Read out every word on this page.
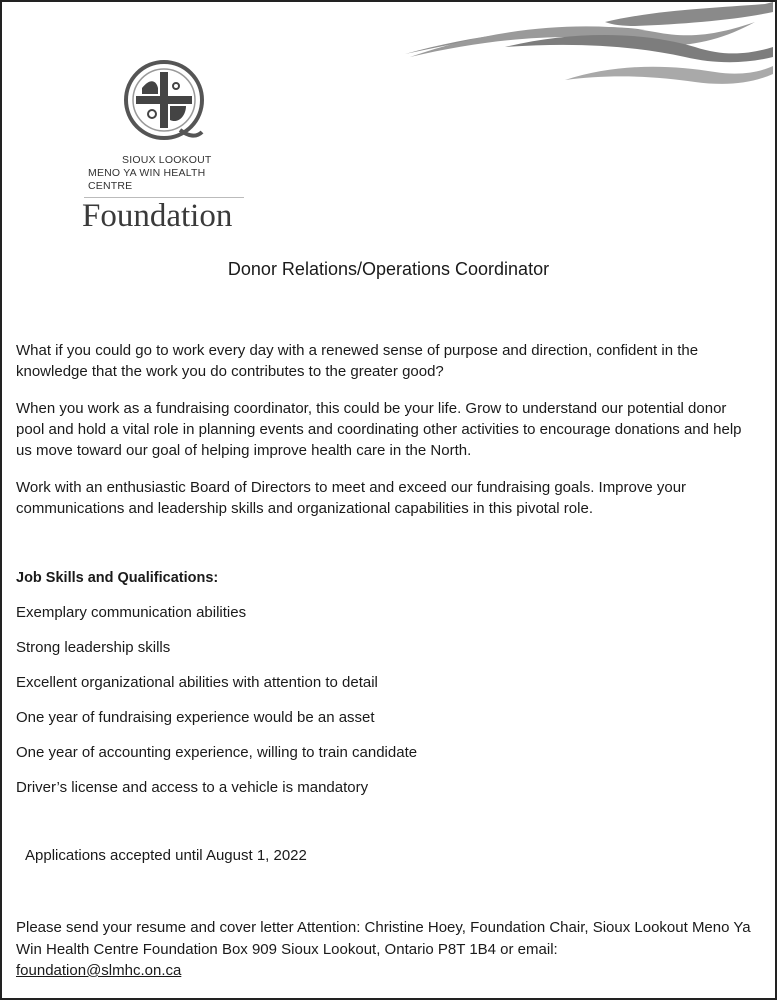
SIOUX LOOKOUT
MENO YA WIN HEALTH CENTRE
Foundation
Donor Relations/Operations Coordinator

What if you could go to work every day with a renewed sense of purpose and direction, confident in the knowledge that the work you do contributes to the greater good?

When you work as a fundraising coordinator, this could be your life. Grow to understand our potential donor pool and hold a vital role in planning events and coordinating other activities to encourage donations and help us move toward our goal of helping improve health care in the North.

Work with an enthusiastic Board of Directors to meet and exceed our fundraising goals. Improve your communications and leadership skills and organizational capabilities in this pivotal role.

Job Skills and Qualifications:
Exemplary communication abilities
Strong leadership skills
Excellent organizational abilities with attention to detail
One year of fundraising experience would be an asset
One year of accounting experience, willing to train candidate
Driver’s license and access to a vehicle is mandatory
Applications accepted until August 1, 2022

Please send your resume and cover letter Attention: Christine Hoey, Foundation Chair, Sioux Lookout Meno Ya Win Health Centre Foundation Box 909 Sioux Lookout, Ontario P8T 1B4 or email:
foundation@slmhc.on.ca
